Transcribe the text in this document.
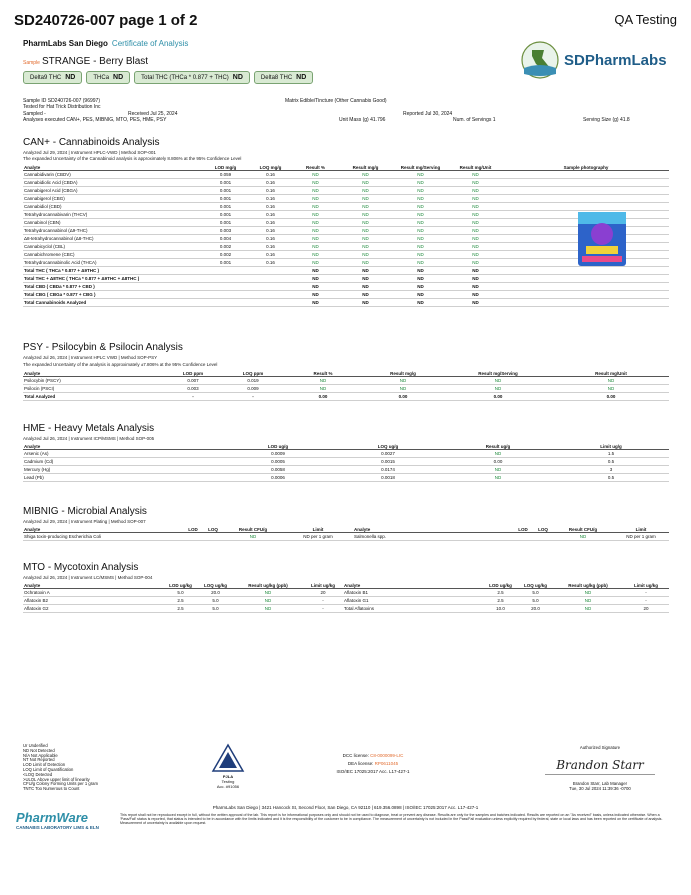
SD240726-007 page 1 of 2	QA Testing
PharmLabs San Diego Certificate of Analysis
Sample STRANGE - Berry Blast
Delta9 THC ND	THCa ND	Total THC (THCa * 0.877 + THC) ND	Delta8 THC ND
SDPharmLabs
Sample ID SD240726-007 (96997)	Matrix Edible/Tincture (Other Cannabis Good)
Tested for Hat Trick Distribution Inc
Sampled -	Received Jul 25, 2024	Reported Jul 30, 2024
Analyses executed CAN+, PES, MIBNIG, MTO, PES, HME, PSY	Unit Mass (g) 41.796	Num. of Servings 1	Serving Size (g) 41.8
CAN+ - Cannabinoids Analysis
Analyzed Jul 29, 2024 | Instrument HPLC-VWD | Method SOP-001
The expanded Uncertainty of the Cannabinoid analysis is approximately 8.806% at the 95% Confidence Level
Analyte	LOD mg/g	LOQ mg/g	Result %	Result mg/g	Result mg/Serving	Result mg/Unit	Sample photography
Cannabidivarin (CBDV)	0.059	0.16	ND	ND	ND	ND	
Cannabidiolic Acid (CBDA)	0.001	0.16	ND	ND	ND	ND	
Cannabigerol Acid (CBGA)	0.001	0.16	ND	ND	ND	ND	
Cannabigerol (CBG)	0.001	0.16	ND	ND	ND	ND	
Cannabidiol (CBD)	0.001	0.16	ND	ND	ND	ND	
Tetrahydrocannabivarin (THCV)	0.001	0.16	ND	ND	ND	ND	
Cannabinol (CBN)	0.001	0.16	ND	ND	ND	ND	
Tetrahydrocannabinol (Δ9-THC)	0.003	0.16	ND	ND	ND	ND	
Δ8-tetrahydrocannabinol (Δ8-THC)	0.004	0.16	ND	ND	ND	ND	
Cannabicyclol (CBL)	0.002	0.16	ND	ND	ND	ND	
Cannabichromene (CBC)	0.002	0.16	ND	ND	ND	ND	
Tetrahydrocannabinolic Acid (THCA)	0.001	0.16	ND	ND	ND	ND	
Total THC ( THCa * 0.877 + Δ9THC )			ND	ND	ND	ND	
Total THC + Δ8THC ( THCa * 0.877 + Δ9THC + Δ8THC )			ND	ND	ND	ND	
Total CBD ( CBDa * 0.877 + CBD )			ND	ND	ND	ND	
Total CBG ( CBGa * 0.877 + CBG )			ND	ND	ND	ND	
Total Cannabinoids Analyzed			ND	ND	ND	ND	
PSY - Psilocybin & Psilocin Analysis
Analyzed Jul 26, 2024 | Instrument HPLC VWD | Method SOP-PSY
The expanded Uncertainty of the analysis is approximately ±7.806% at the 95% Confidence Level
Analyte	LOD ppm	LOQ ppm	Result %	Result mg/g	Result mg/Serving	Result mg/Unit
Psilocybin (PSCY)	0.007	0.019	ND	ND	ND	ND
Psilocin (PSCI)	0.003	0.009	ND	ND	ND	ND
Total Analyzed	-	-	0.00	0.00	0.00	0.00
HME - Heavy Metals Analysis
Analyzed Jul 26, 2024 | Instrument ICP/MSMS | Method SOP-005
Analyte	LOD ug/g	LOQ ug/g	Result ug/g	Limit ug/g
Arsenic (As)	0.0009	0.0027	ND	1.5
Cadmium (Cd)	0.0005	0.0015	0.00	0.5
Mercury (Hg)	0.0058	0.0174	ND	3
Lead (Pb)	0.0006	0.0018	ND	0.5
MIBNIG - Microbial Analysis
Analyzed Jul 29, 2024 | Instrument Plating | Method SOP-007
Analyte	LOD	LOQ	Result CFU/g	Limit	Analyte	LOD	LOQ	Result CFU/g	Limit
Shiga toxin-producing Escherichia Coli			ND	ND per 1 gram	Salmonella spp.			ND	ND per 1 gram
MTO - Mycotoxin Analysis
Analyzed Jul 26, 2024 | Instrument LC/MSMS | Method SOP-004
Analyte	LOD ug/kg	LOQ ug/kg	Result ug/kg (ppb)	Limit ug/kg	Analyte	LOD ug/kg	LOQ ug/kg	Result ug/kg (ppb)	Limit ug/kg
Ochratoxin A	5.0	20.0	ND	20	Aflatoxin B1	2.5	5.0	ND	-
Aflatoxin B2	2.5	5.0	ND	-	Aflatoxin G1	2.5	5.0	ND	-
Aflatoxin G2	2.5	5.0	ND	-	Total Aflatoxins	10.0	20.0	ND	20
Ur Underified
ND Not Detected
N/A Not Applicable
NT Not Reported
LOD Limit of Detection
LOQ Limit of Quantification
<LOQ Detected
>ULOL Above upper limit of linearity
CFU/g Colony Forming Units per 1 gram
TNTC Too Numerous to Count
PJLA
Testing
Acc. #91056
DCC license: C8-0000099-LIC
DEA license: RP0611045
ISO/IEC 17025:2017 Acc. L17-427-1
Authorized Signature
Brandon Starr
Brandon Starr, Lab Manager
Tue, 30 Jul 2024 11:39:36 -0700
PharmLabs San Diego | 3421 Hancock St, Second Floor, San Diego, CA 92110 | 619.356.0898 | ISO/IEC 17025:2017 Acc. L17-427-1
PharmWare
CANNABIS LABORATORY LIMS & ELN
This report shall not be reproduced except in full, without the written approval of the lab. This report is for informational purposes only and should not be used to diagnose, treat or prevent any disease. Results are only for the samples and batches indicated. Results are reported on an "As received" basis, unless indicated otherwise. When a 'Pass/Fail' status is reported, that status is intended to be in accordance with the limits indicated and it is the responsibility of the customer to be in compliance. The measurement of uncertainty is not included in the Pass/Fail evaluation unless explicitly required by federal, state or local laws and has been reported on the certificate of analysis. Measurement of uncertainty is available upon request.
